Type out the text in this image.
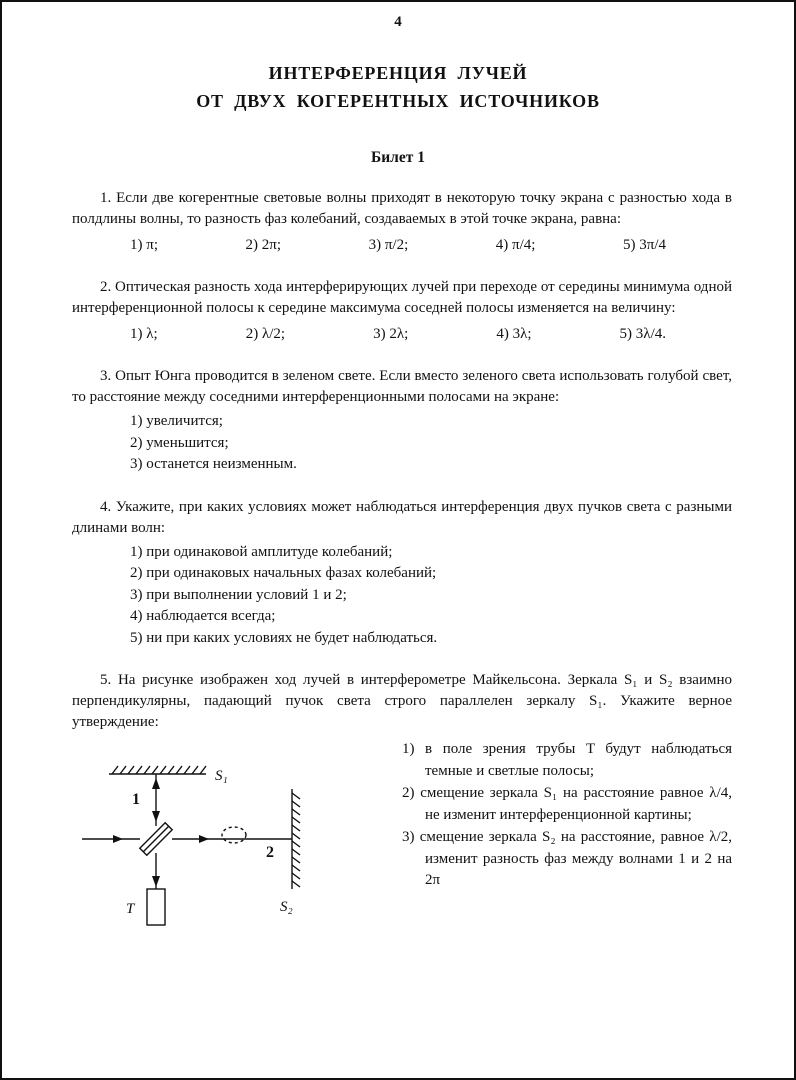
4
ИНТЕРФЕРЕНЦИЯ ЛУЧЕЙ
ОТ ДВУХ КОГЕРЕНТНЫХ ИСТОЧНИКОВ
Билет 1

1. Если две когерентные световые волны приходят в некоторую точку экрана с разностью хода в полдлины волны, то разность фаз колебаний, создаваемых в этой точке экрана, равна:

1) π;	2) 2π;	3) π/2;	4) π/4;	5) 3π/4

2. Оптическая разность хода интерферирующих лучей при переходе от середины минимума одной интерференционной полосы к середине максимума соседней полосы изменяется на величину:

1) λ;	2) λ/2;	3) 2λ;	4) 3λ;	5) 3λ/4.

3. Опыт Юнга проводится в зеленом свете. Если вместо зеленого света использовать голубой свет, то расстояние между соседними интерференционными полосами на экране:

1) увеличится;
2) уменьшится;
3) останется неизменным.

4. Укажите, при каких условиях может наблюдаться интерференция двух пучков света с разными длинами волн:

1) при одинаковой амплитуде колебаний;
2) при одинаковых начальных фазах колебаний;
3) при выполнении условий 1 и 2;
4) наблюдается всегда;
5) ни при каких условиях не будет наблюдаться.

5. На рисунке изображен ход лучей в интерферометре Майкельсона. Зеркала S₁ и S₂ взаимно перпендикулярны, падающий пучок света строго параллелен зеркалу S₁. Укажите верное утверждение:

S₁
1
2
S₂
T
1) в поле зрения трубы T будут наблюдаться темные и светлые полосы;
2) смещение зеркала S₁ на расстояние равное λ/4, не изменит интерференционной картины;
3) смещение зеркала S₂ на расстояние, равное λ/2, изменит разность фаз между волнами 1 и 2 на 2π
